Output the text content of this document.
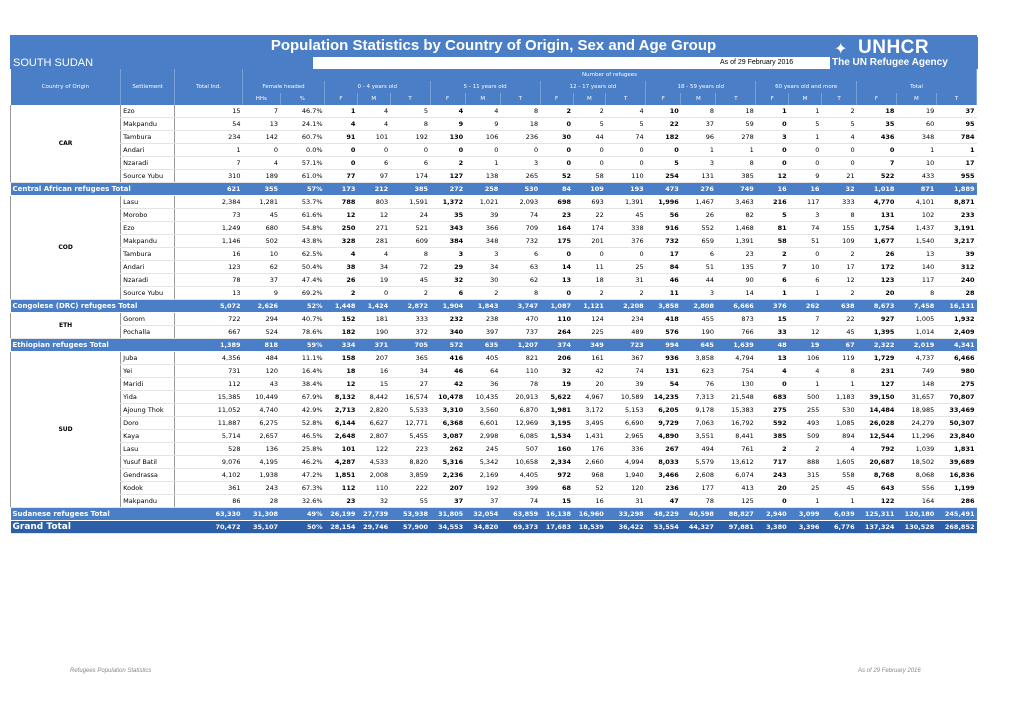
Population Statistics by Country of Origin, Sex and Age Group
SOUTH SUDAN	As of 29 February 2016
✦ UNHCR
The UN Refugee Agency
Country of Origin	Settlement	Total Ind.	Number of refugees																			
			Female headed		0 - 4 years old			5 - 11 years old			12 - 17 years old			18 - 59 years old			60 years old and more			Total		
			HHs	%	F	M	T	F	M	T	F	M	T	F	M	T	F	M	T	F	M	T
CAR	Ezo	15	7	46.7%	1	4	5	4	4	8	2	2	4	10	8	18	1	1	2	18	19	37
	Makpandu	54	13	24.1%	4	4	8	9	9	18	0	5	5	22	37	59	0	5	5	35	60	95
	Tambura	234	142	60.7%	91	101	192	130	106	236	30	44	74	182	96	278	3	1	4	436	348	784
	Andari	1	0	0.0%	0	0	0	0	0	0	0	0	0	0	1	1	0	0	0	0	1	1
	Nzaradi	7	4	57.1%	0	6	6	2	1	3	0	0	0	5	3	8	0	0	0	7	10	17
	Source Yubu	310	189	61.0%	77	97	174	127	138	265	52	58	110	254	131	385	12	9	21	522	433	955
Central African refugees Total		621	355	57%	173	212	385	272	258	530	84	109	193	473	276	749	16	16	32	1,018	871	1,889
COD	Lasu	2,384	1,281	53.7%	788	803	1,591	1,372	1,021	2,093	698	693	1,391	1,996	1,467	3,463	216	117	333	4,770	4,101	8,871
	Morobo	73	45	61.6%	12	12	24	35	39	74	23	22	45	56	26	82	5	3	8	131	102	233
	Ezo	1,249	680	54.8%	250	271	521	343	366	709	164	174	338	916	552	1,468	81	74	155	1,754	1,437	3,191
	Makpandu	1,146	502	43.8%	328	281	609	384	348	732	175	201	376	732	659	1,391	58	51	109	1,677	1,540	3,217
	Tambura	16	10	62.5%	4	4	8	3	3	6	0	0	0	17	6	23	2	0	2	26	13	39
	Andari	123	62	50.4%	38	34	72	29	34	63	14	11	25	84	51	135	7	10	17	172	140	312
	Nzaradi	78	37	47.4%	26	19	45	32	30	62	13	18	31	46	44	90	6	6	12	123	117	240
	Source Yubu	13	9	69.2%	2	0	2	6	2	8	0	2	2	11	3	14	1	1	2	20	8	28
Congolese (DRC) refugees Total		5,072	2,626	52%	1,448	1,424	2,872	1,904	1,843	3,747	1,087	1,121	2,208	3,858	2,808	6,666	376	262	638	8,673	7,458	16,131
ETH	Gorom	722	294	40.7%	152	181	333	232	238	470	110	124	234	418	455	873	15	7	22	927	1,005	1,932
	Pochalla	667	524	78.6%	182	190	372	340	397	737	264	225	489	576	190	766	33	12	45	1,395	1,014	2,409
Ethiopian refugees Total		1,389	818	59%	334	371	705	572	635	1,207	374	349	723	994	645	1,639	48	19	67	2,322	2,019	4,341
SUD	Juba	4,356	484	11.1%	158	207	365	416	405	821	206	161	367	936	3,858	4,794	13	106	119	1,729	4,737	6,466
	Yei	731	120	16.4%	18	16	34	46	64	110	32	42	74	131	623	754	4	4	8	231	749	980
	Maridi	112	43	38.4%	12	15	27	42	36	78	19	20	39	54	76	130	0	1	1	127	148	275
	Yida	15,385	10,449	67.9%	8,132	8,442	16,574	10,478	10,435	20,913	5,622	4,967	10,589	14,235	7,313	21,548	683	500	1,183	39,150	31,657	70,807
	Ajoung Thok	11,052	4,740	42.9%	2,713	2,820	5,533	3,310	3,560	6,870	1,981	3,172	5,153	6,205	9,178	15,383	275	255	530	14,484	18,985	33,469
	Doro	11,887	6,275	52.8%	6,144	6,627	12,771	6,368	6,601	12,969	3,195	3,495	6,690	9,729	7,063	16,792	592	493	1,085	26,028	24,279	50,307
	Kaya	5,714	2,657	46.5%	2,648	2,807	5,455	3,087	2,998	6,085	1,534	1,431	2,965	4,890	3,551	8,441	385	509	894	12,544	11,296	23,840
	Lasu	528	136	25.8%	101	122	223	262	245	507	160	176	336	267	494	761	2	2	4	792	1,039	1,831
	Yusuf Batil	9,076	4,195	46.2%	4,287	4,533	8,820	5,316	5,342	10,658	2,334	2,660	4,994	8,033	5,579	13,612	717	888	1,605	20,687	18,502	39,689
	Gendrassa	4,102	1,938	47.2%	1,851	2,008	3,859	2,236	2,169	4,405	972	968	1,940	3,466	2,608	6,074	243	315	558	8,768	8,068	16,836
	Kodok	361	243	67.3%	112	110	222	207	192	399	68	52	120	236	177	413	20	25	45	643	556	1,199
	Makpandu	86	28	32.6%	23	32	55	37	37	74	15	16	31	47	78	125	0	1	1	122	164	286
Sudanese refugees Total		63,330	31,308	49%	26,199	27,739	53,938	31,805	32,054	63,859	16,138	16,960	33,298	48,229	40,598	88,827	2,940	3,099	6,039	125,311	120,180	245,491
Grand Total		70,472	35,107	50%	28,154	29,746	57,900	34,553	34,820	69,373	17,683	18,539	36,422	53,554	44,327	97,881	3,380	3,396	6,776	137,324	130,528	268,852
Refugees Population Statistics	As of 29 February 2016
